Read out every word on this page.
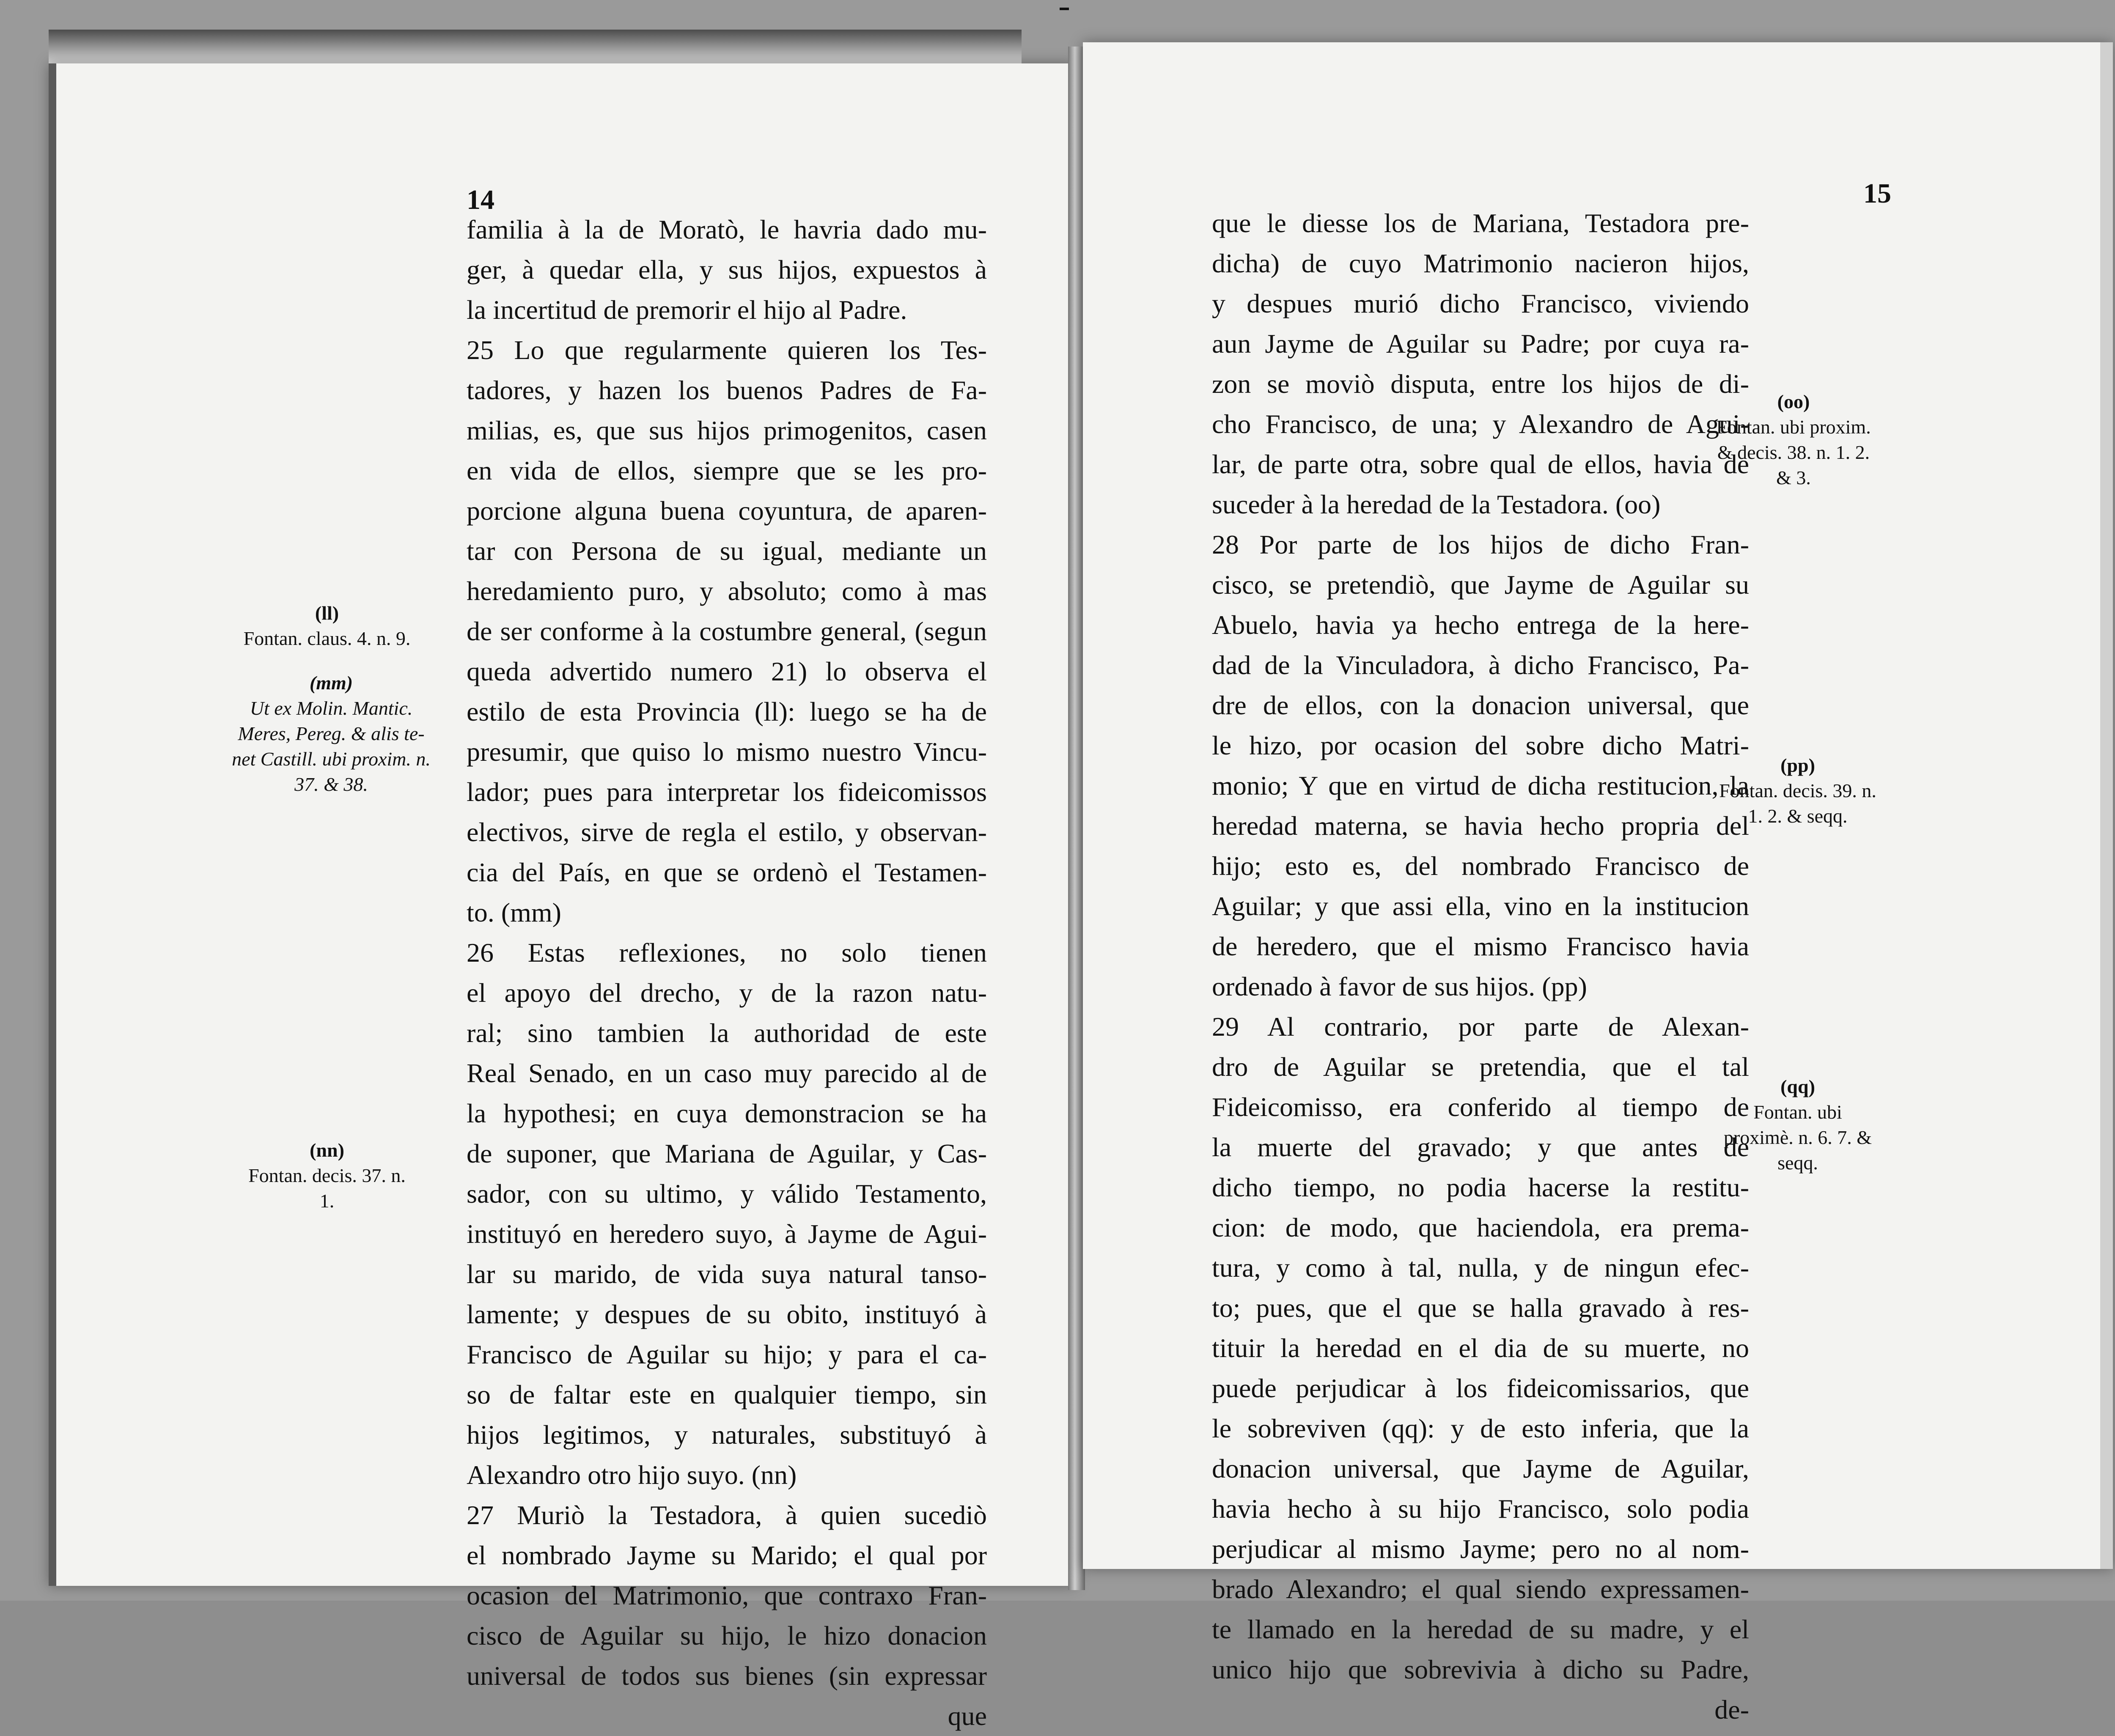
14

familia à la de Moratò, le havria dado mu-

ger, à quedar ella, y sus hijos, expuestos à

la incertitud de premorir el hijo al Padre.

25 Lo que regularmente quieren los Tes-

tadores, y hazen los buenos Padres de Fa-

milias, es, que sus hijos primogenitos, casen

en vida de ellos, siempre que se les pro-

porcione alguna buena coyuntura, de aparen-

tar con Persona de su igual, mediante un

heredamiento puro, y absoluto; como à mas

de ser conforme à la costumbre general, (segun

queda advertido numero 21) lo observa el

estilo de esta Provincia (ll): luego se ha de

presumir, que quiso lo mismo nuestro Vincu-

lador; pues para interpretar los fideicomissos

electivos, sirve de regla el estilo, y observan-

cia del País, en que se ordenò el Testamen-

to. (mm)

26 Estas reflexiones, no solo tienen

el apoyo del drecho, y de la razon natu-

ral; sino tambien la authoridad de este

Real Senado, en un caso muy parecido al de

la hypothesi; en cuya demonstracion se ha

de suponer, que Mariana de Aguilar, y Cas-

sador, con su ultimo, y válido Testamento,

instituyó en heredero suyo, à Jayme de Agui-

lar su marido, de vida suya natural tanso-

lamente; y despues de su obito, instituyó à

Francisco de Aguilar su hijo; y para el ca-

so de faltar este en qualquier tiempo, sin

hijos legitimos, y naturales, substituyó à

Alexandro otro hijo suyo. (nn)

27 Muriò la Testadora, à quien sucediò

el nombrado Jayme su Marido; el qual por

ocasion del Matrimonio, que contraxo Fran-

cisco de Aguilar su hijo, le hizo donacion

universal de todos sus bienes (sin expressar

que
(ll)
Fontan. claus. 4. n. 9.
(mm)
Ut ex Molin. Mantic. Meres, Pereg. & alis te- net Castill. ubi proxim. n. 37. & 38.
(nn)
Fontan. decis. 37. n. 1.
15

que le diesse los de Mariana, Testadora pre-

dicha) de cuyo Matrimonio nacieron hijos,

y despues murió dicho Francisco, viviendo

aun Jayme de Aguilar su Padre; por cuya ra-

zon se moviò disputa, entre los hijos de di-

cho Francisco, de una; y Alexandro de Agui-

lar, de parte otra, sobre qual de ellos, havia de

suceder à la heredad de la Testadora. (oo)

28 Por parte de los hijos de dicho Fran-

cisco, se pretendiò, que Jayme de Aguilar su

Abuelo, havia ya hecho entrega de la here-

dad de la Vinculadora, à dicho Francisco, Pa-

dre de ellos, con la donacion universal, que

le hizo, por ocasion del sobre dicho Matri-

monio; Y que en virtud de dicha restitucion, la

heredad materna, se havia hecho propria del

hijo; esto es, del nombrado Francisco de

Aguilar; y que assi ella, vino en la institucion

de heredero, que el mismo Francisco havia

ordenado à favor de sus hijos. (pp)

29 Al contrario, por parte de Alexan-

dro de Aguilar se pretendia, que el tal

Fideicomisso, era conferido al tiempo de

la muerte del gravado; y que antes de

dicho tiempo, no podia hacerse la restitu-

cion: de modo, que haciendola, era prema-

tura, y como à tal, nulla, y de ningun efec-

to; pues, que el que se halla gravado à res-

tituir la heredad en el dia de su muerte, no

puede perjudicar à los fideicomissarios, que

le sobreviven (qq): y de esto inferia, que la

donacion universal, que Jayme de Aguilar,

havia hecho à su hijo Francisco, solo podia

perjudicar al mismo Jayme; pero no al nom-

brado Alexandro; el qual siendo expressamen-

te llamado en la heredad de su madre, y el

unico hijo que sobrevivia à dicho su Padre,

de-
(oo)
Fontan. ubi proxim. & decis. 38. n. 1. 2. & 3.
(pp)
Fontan. decis. 39. n. 1. 2. & seqq.
(qq)
Fontan. ubi proximè. n. 6. 7. & seqq.
